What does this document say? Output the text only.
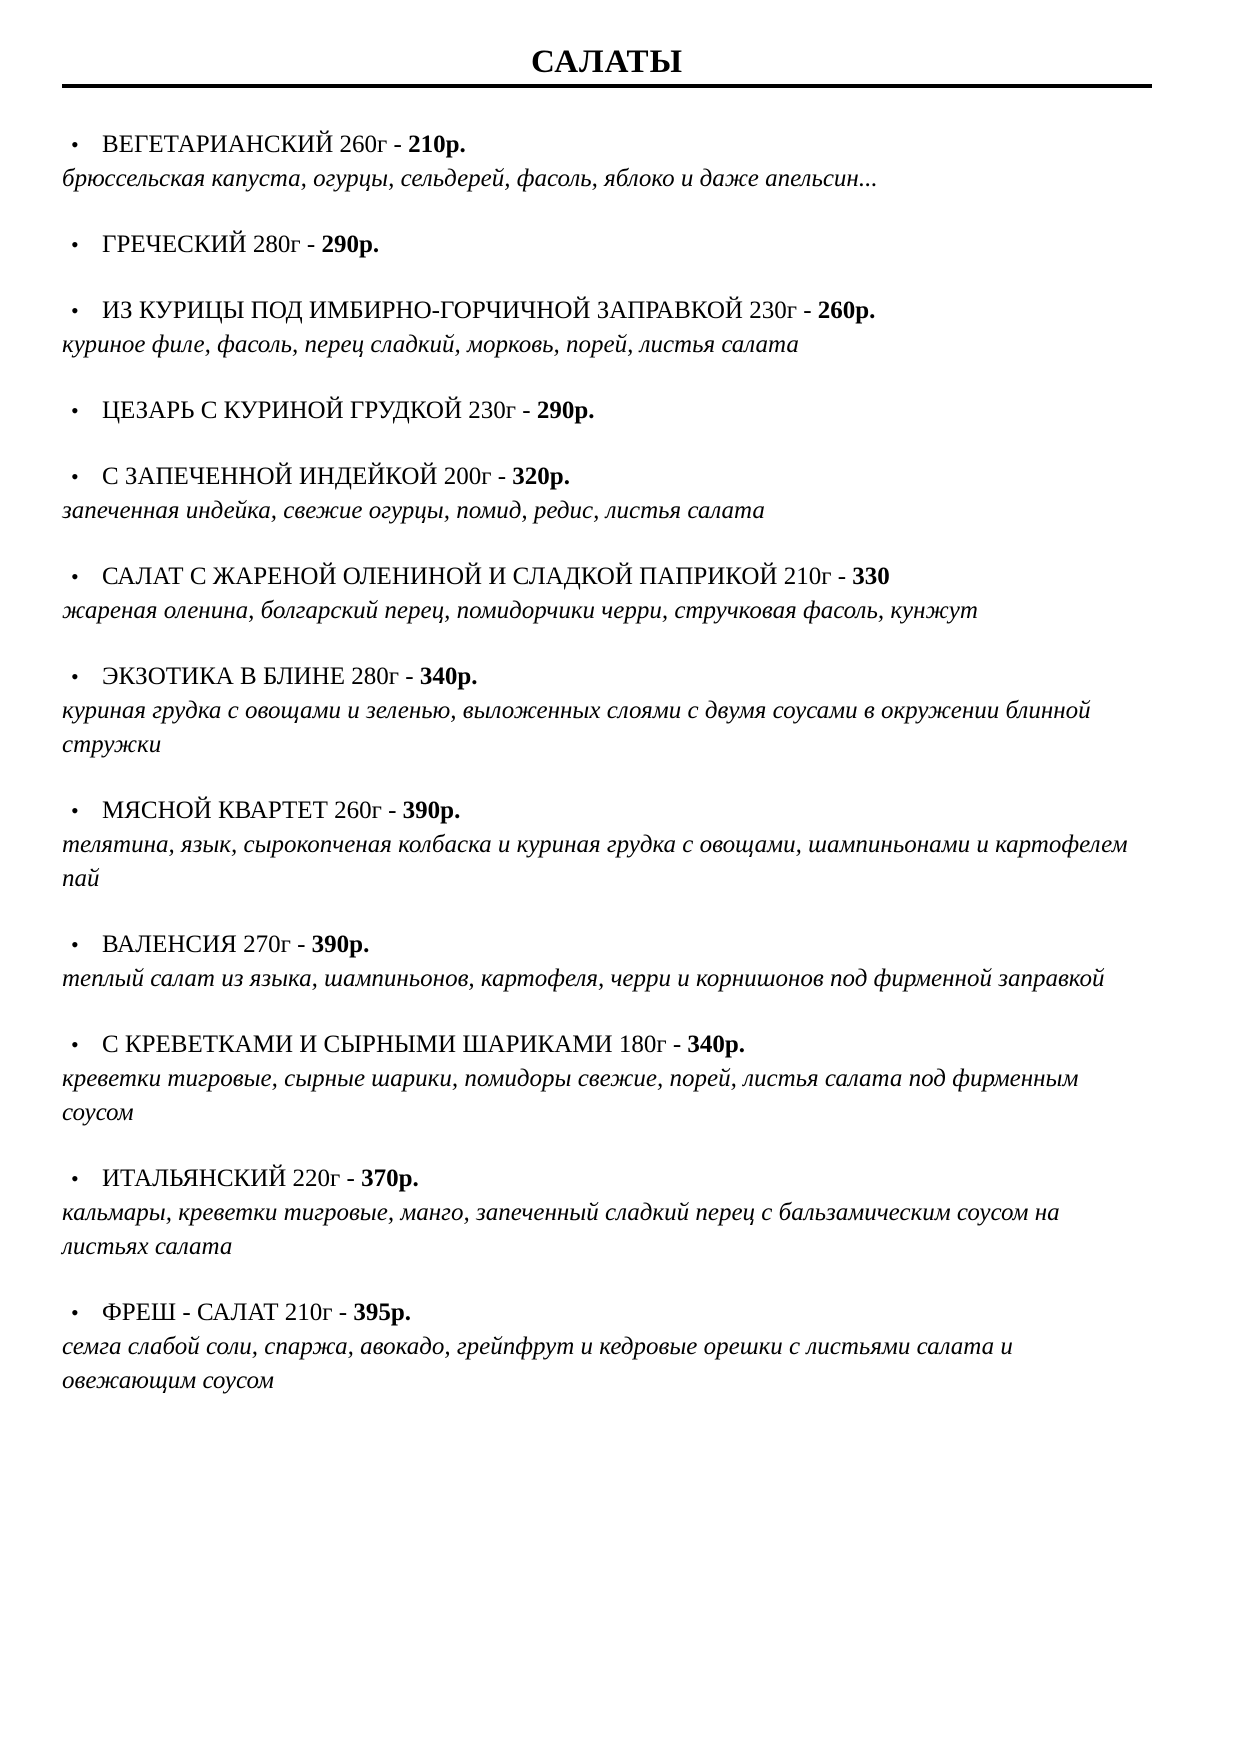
САЛАТЫ
• ВЕГЕТАРИАНСКИЙ 260г - 210р.
брюссельская капуста, огурцы, сельдерей, фасоль, яблоко и даже апельсин...
• ГРЕЧЕСКИЙ 280г - 290р.
• ИЗ КУРИЦЫ ПОД ИМБИРНО-ГОРЧИЧНОЙ ЗАПРАВКОЙ 230г - 260р.
куриное филе, фасоль, перец сладкий, морковь, порей, листья салата
• ЦЕЗАРЬ С КУРИНОЙ ГРУДКОЙ 230г - 290р.
• С ЗАПЕЧЕННОЙ ИНДЕЙКОЙ 200г - 320р.
запеченная индейка, свежие огурцы, помид, редис, листья салата
• САЛАТ С ЖАРЕНОЙ ОЛЕНИНОЙ И СЛАДКОЙ ПАПРИКОЙ 210г - 330
жареная оленина, болгарский перец, помидорчики черри, стручковая фасоль, кунжут
• ЭКЗОТИКА В БЛИНЕ 280г - 340р.
куриная грудка с овощами и зеленью, выложенных слоями с двумя соусами в окружении блинной стружки
• МЯСНОЙ КВАРТЕТ 260г - 390р.
телятина, язык, сырокопченая колбаска и куриная грудка с овощами, шампиньонами и картофелем пай
• ВАЛЕНСИЯ 270г - 390р.
теплый салат из языка, шампиньонов, картофеля, черри и корнишонов под фирменной заправкой
• С КРЕВЕТКАМИ И СЫРНЫМИ ШАРИКАМИ 180г - 340р.
креветки тигровые, сырные шарики, помидоры свежие, порей, листья салата под фирменным соусом
• ИТАЛЬЯНСКИЙ 220г - 370р.
кальмары, креветки тигровые, манго, запеченный сладкий перец с бальзамическим соусом на листьях салата
• ФРЕШ - САЛАТ 210г - 395р.
семга слабой соли, спаржа, авокадо, грейпфрут и кедровые орешки с листьями салата и овежающим соусом
